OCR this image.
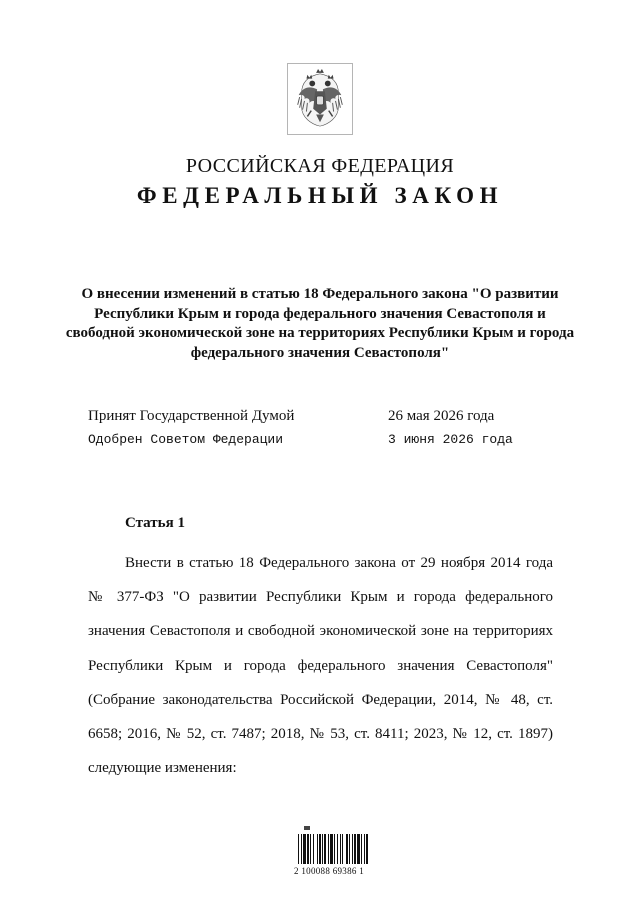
РОССИЙСКАЯ ФЕДЕРАЦИЯ
ФЕДЕРАЛЬНЫЙ ЗАКОН
О внесении изменений в статью 18 Федерального закона "О развитии Республики Крым и города федерального значения Севастополя и свободной экономической зоне на территориях Республики Крым и города федерального значения Севастополя"
Принят Государственной Думой	26 мая 2026 года
Одобрен Советом Федерации	3 июня 2026 года
Статья 1

Внести в статью 18 Федерального закона от 29 ноября 2014 года № 377-ФЗ "О развитии Республики Крым и города федерального значения Севастополя и свободной экономической зоне на территориях Республики Крым и города федерального значения Севастополя" (Собрание законодательства Российской Федерации, 2014, № 48, ст. 6658; 2016, № 52, ст. 7487; 2018, № 53, ст. 8411; 2023, № 12, ст. 1897) следующие изменения:

2 100088 69386 1
